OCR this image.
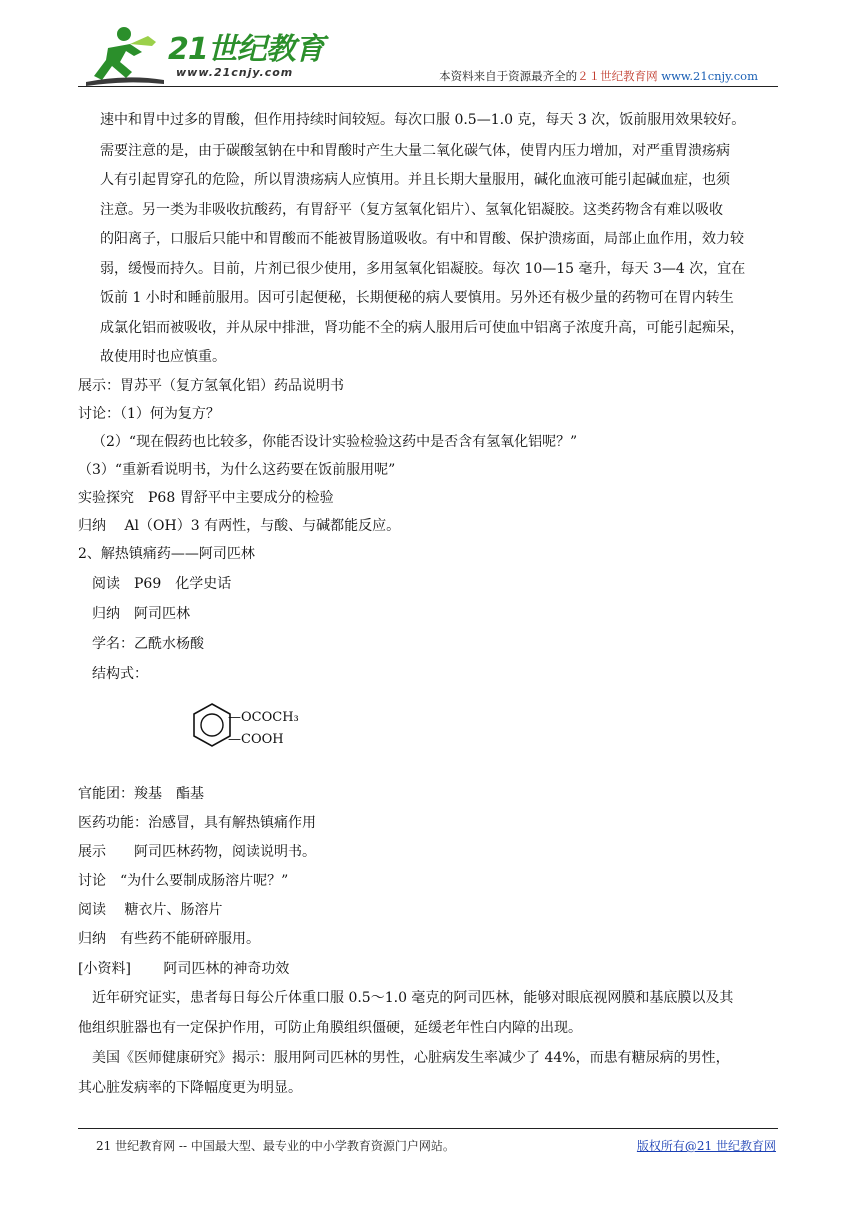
21世纪教育
www.21cnjy.com	本资料来自于资源最齐全的２１世纪教育网 www.21cnjy.com
速中和胃中过多的胃酸，但作用持续时间较短。每次口服 0.5—1.0 克，每天 3 次，饭前服用效果较好。
需要注意的是，由于碳酸氢钠在中和胃酸时产生大量二氧化碳气体，使胃内压力增加，对严重胃溃疡病
人有引起胃穿孔的危险，所以胃溃疡病人应慎用。并且长期大量服用，碱化血液可能引起碱血症，也须
注意。另一类为非吸收抗酸药，有胃舒平（复方氢氧化铝片）、氢氧化铝凝胶。这类药物含有难以吸收
的阳离子，口服后只能中和胃酸而不能被胃肠道吸收。有中和胃酸、保护溃疡面，局部止血作用，效力较
弱，缓慢而持久。目前，片剂已很少使用，多用氢氧化铝凝胶。每次 10—15 毫升，每天 3—4 次，宜在
饭前 1 小时和睡前服用。因可引起便秘，长期便秘的病人要慎用。另外还有极少量的药物可在胃内转生
成氯化铝而被吸收，并从尿中排泄，肾功能不全的病人服用后可使血中铝离子浓度升高，可能引起痴呆，
故使用时也应慎重。
展示：胃苏平（复方氢氧化铝）药品说明书
讨论：（1）何为复方？
（2）“现在假药也比较多，你能否设计实验检验这药中是否含有氢氧化铝呢？”
（3）“重新看说明书，为什么这药要在饭前服用呢”
实验探究　P68 胃舒平中主要成分的检验
归纳　 Al（OH）3 有两性，与酸、与碱都能反应。
2、解热镇痛药——阿司匹林
阅读　P69　化学史话
归纳　阿司匹林
学名：乙酰水杨酸
结构式：
官能团：羧基　酯基
医药功能：治感冒，具有解热镇痛作用
展示　　阿司匹林药物，阅读说明书。
讨论　“为什么要制成肠溶片呢？”
阅读　 糖衣片、肠溶片
归纳　有些药不能研碎服用。
[小资料]　　 阿司匹林的神奇功效
近年研究证实，患者每日每公斤体重口服 0.5～1.0 毫克的阿司匹林，能够对眼底视网膜和基底膜以及其
他组织脏器也有一定保护作用，可防止角膜组织僵硬，延缓老年性白内障的出现。
美国《医师健康研究》揭示：服用阿司匹林的男性，心脏病发生率减少了 44%，而患有糖尿病的男性，
其心脏发病率的下降幅度更为明显。
—OCOCH₃
—COOH
21 世纪教育网 -- 中国最大型、最专业的中小学教育资源门户网站。	版权所有@21 世纪教育网
